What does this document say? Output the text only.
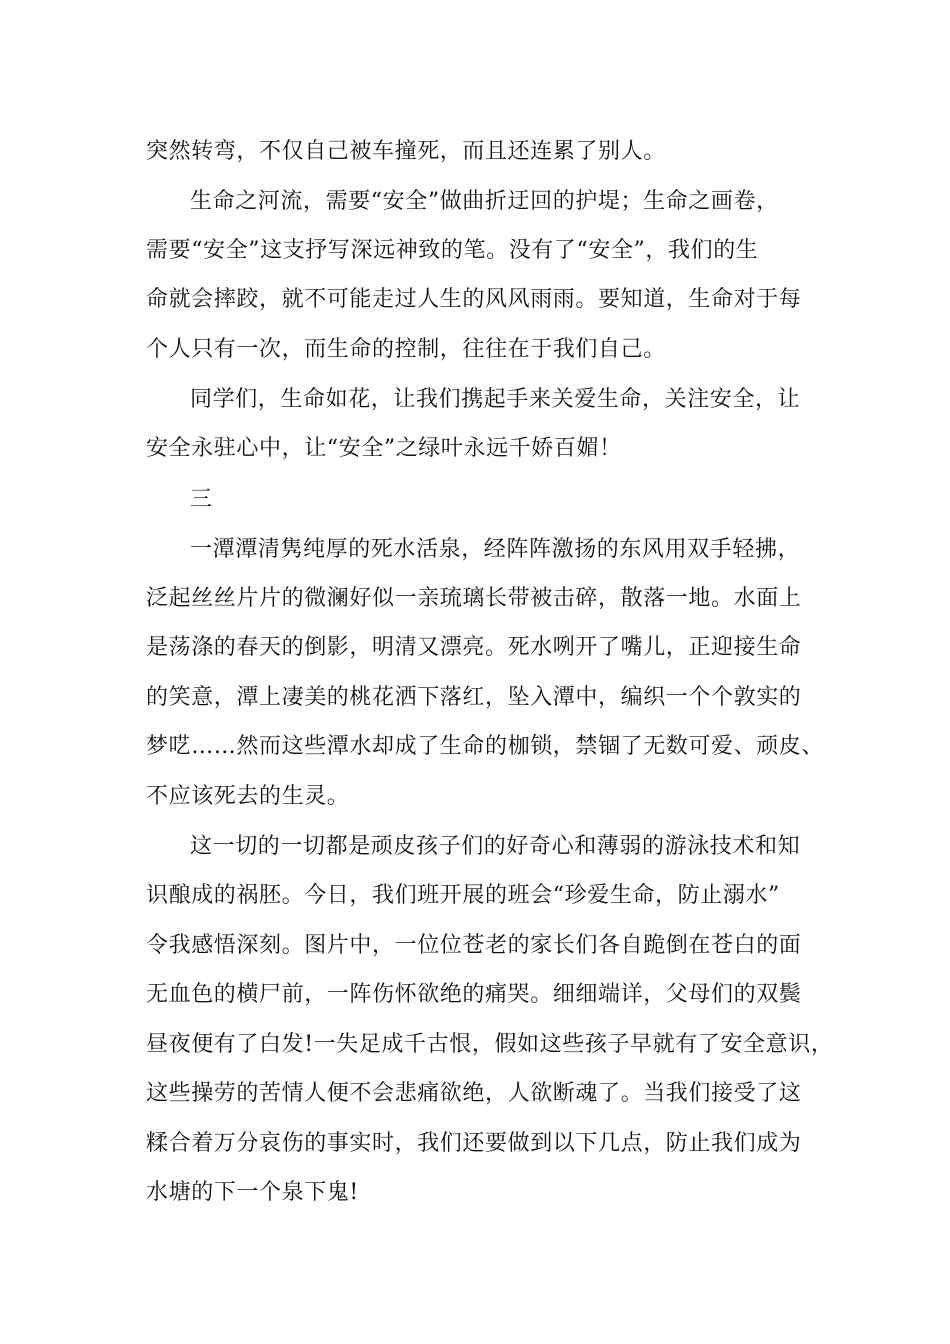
突然转弯，不仅自己被车撞死，而且还连累了别人。
生命之河流，需要“安全”做曲折迂回的护堤；生命之画卷，
需要“安全”这支抒写深远神致的笔。没有了“安全”，我们的生
命就会摔跤，就不可能走过人生的风风雨雨。要知道，生命对于每
个人只有一次，而生命的控制，往往在于我们自己。
同学们，生命如花，让我们携起手来关爱生命，关注安全，让
安全永驻心中，让“安全”之绿叶永远千娇百媚！
三
一潭潭清隽纯厚的死水活泉，经阵阵激扬的东风用双手轻拂，
泛起丝丝片片的微澜好似一亲琉璃长带被击碎，散落一地。水面上
是荡涤的春天的倒影，明清又漂亮。死水咧开了嘴儿，正迎接生命
的笑意，潭上凄美的桃花洒下落红，坠入潭中，编织一个个敦实的
梦呓……然而这些潭水却成了生命的枷锁，禁锢了无数可爱、顽皮、
不应该死去的生灵。
这一切的一切都是顽皮孩子们的好奇心和薄弱的游泳技术和知
识酿成的祸胚。今日，我们班开展的班会“珍爱生命，防止溺水”
令我感悟深刻。图片中，一位位苍老的家长们各自跪倒在苍白的面
无血色的横尸前，一阵伤怀欲绝的痛哭。细细端详，父母们的双鬓
昼夜便有了白发!一失足成千古恨，假如这些孩子早就有了安全意识，
这些操劳的苦情人便不会悲痛欲绝，人欲断魂了。当我们接受了这
糅合着万分哀伤的事实时，我们还要做到以下几点，防止我们成为
水塘的下一个泉下鬼!
